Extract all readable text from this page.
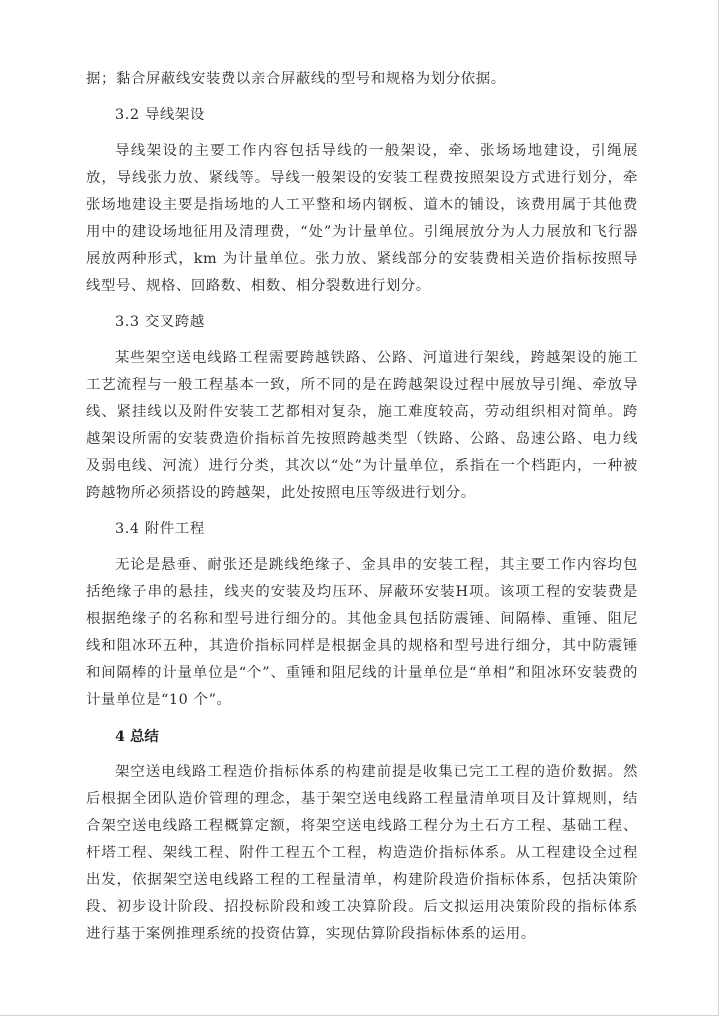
据；黏合屏蔽线安装费以亲合屏蔽线的型号和规格为划分依据。

3.2 导线架设

导线架设的主要工作内容包括导线的一般架设，牵、张场场地建设，引绳展放，导线张力放、紧线等。导线一般架设的安装工程费按照架设方式进行划分，牵张场地建设主要是指场地的人工平整和场内钢板、道木的铺设，该费用属于其他费用中的建设场地征用及清理费，“处”为计量单位。引绳展放分为人力展放和飞行器展放两种形式，km 为计量单位。张力放、紧线部分的安装费相关造价指标按照导线型号、规格、回路数、相数、相分裂数进行划分。

3.3 交叉跨越

某些架空送电线路工程需要跨越铁路、公路、河道进行架线，跨越架设的施工工艺流程与一般工程基本一致，所不同的是在跨越架设过程中展放导引绳、牵放导线、紧挂线以及附件安装工艺都相对复杂，施工难度较高，劳动组织相对简单。跨越架设所需的安装费造价指标首先按照跨越类型（铁路、公路、岛速公路、电力线及弱电线、河流）进行分类，其次以“处”为计量单位，系指在一个档距内，一种被跨越物所必须搭设的跨越架，此处按照电压等级进行划分。

3.4 附件工程

无论是悬垂、耐张还是跳线绝缘子、金具串的安装工程，其主要工作内容均包括绝缘子串的悬挂，线夹的安装及均压环、屏蔽环安装H项。该项工程的安装费是根据绝缘子的名称和型号进行细分的。其他金具包括防震锤、间隔棒、重锤、阻尼线和阻冰环五种，其造价指标同样是根据金具的规格和型号进行细分，其中防震锤和间隔棒的计量单位是“个”、重锤和阻尼线的计量单位是“单相”和阻冰环安装费的计量单位是“10 个”。

4 总结

架空送电线路工程造价指标体系的构建前提是收集已完工工程的造价数据。然后根据全团队造价管理的理念，基于架空送电线路工程量清单项目及计算规则，结合架空送电线路工程概算定额，将架空送电线路工程分为土石方工程、基础工程、杆塔工程、架线工程、附件工程五个工程，构造造价指标体系。从工程建设全过程出发，依据架空送电线路工程的工程量清单，构建阶段造价指标体系，包括决策阶段、初步设计阶段、招投标阶段和竣工决算阶段。后文拟运用决策阶段的指标体系进行基于案例推理系统的投资估算，实现估算阶段指标体系的运用。
